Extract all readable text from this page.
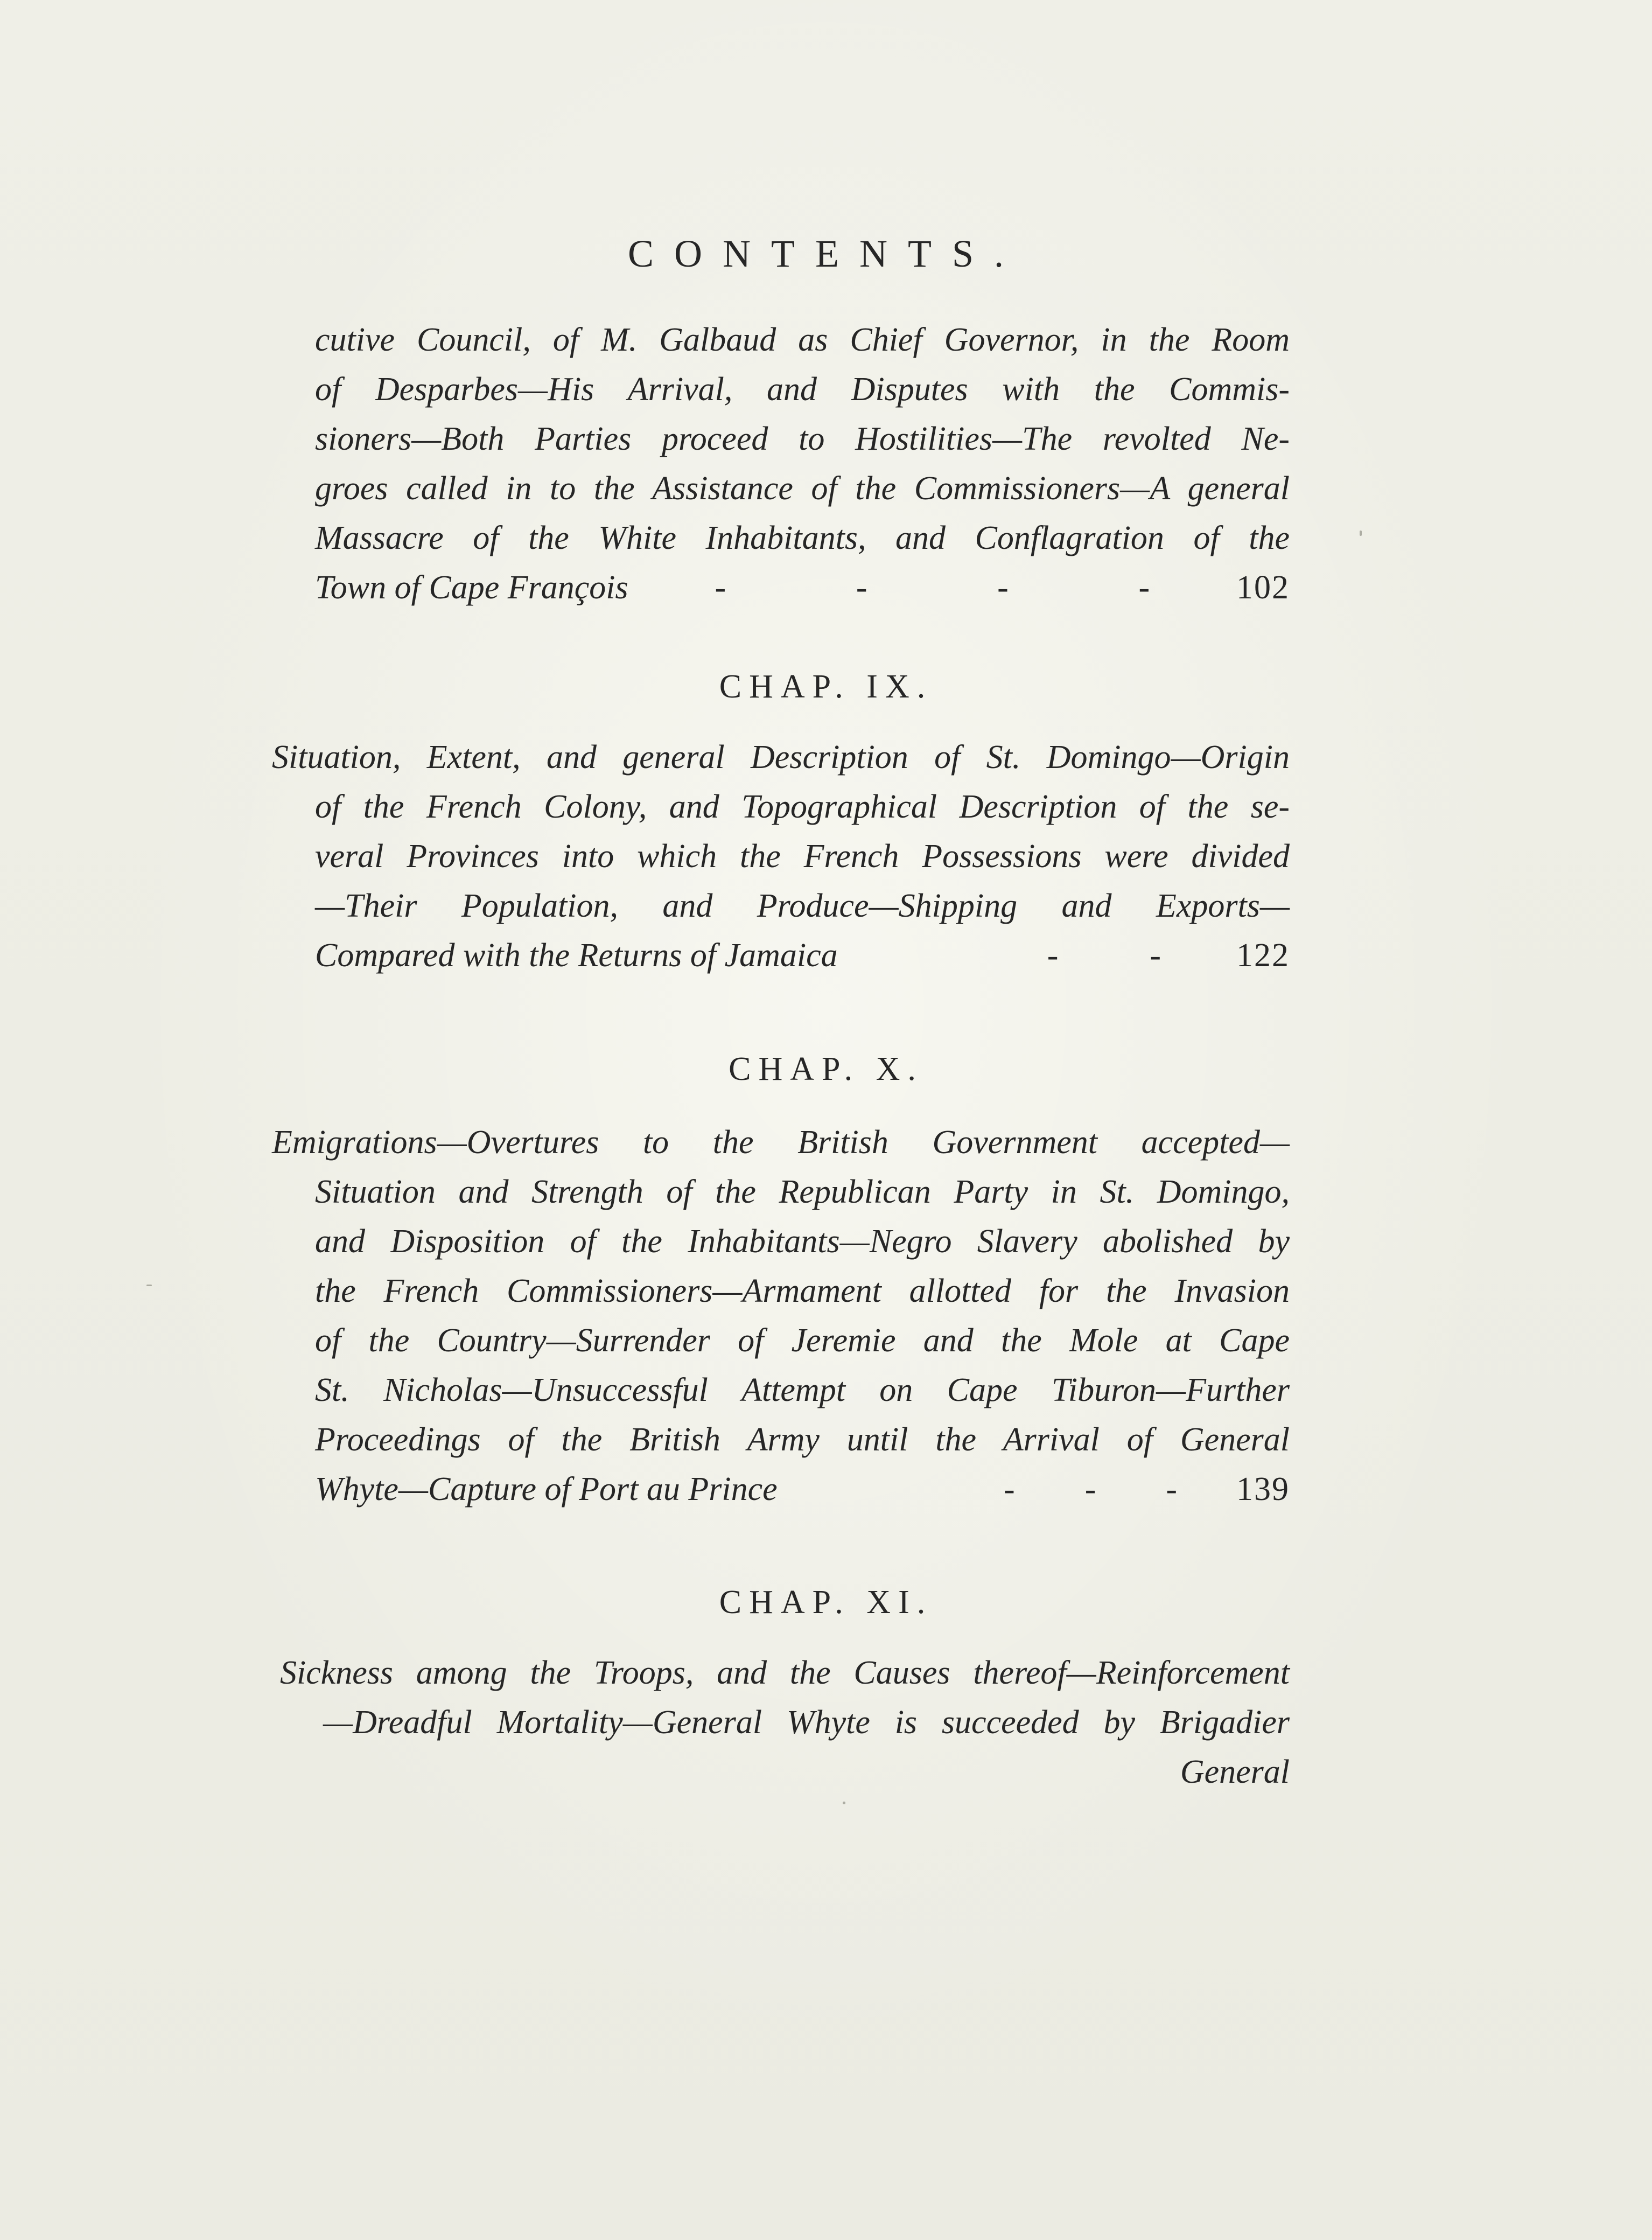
CONTENTS.
cutive Council, of M. Galbaud as Chief Governor, in the Room
of Desparbes—His Arrival, and Disputes with the Commis-
sioners—Both Parties proceed to Hostilities—The revolted Ne-
groes called in to the Assistance of the Commissioners—A general
Massacre of the White Inhabitants, and Conflagration of the
Town of Cape François	-	-	-	-	102
CHAP. IX.
Situation, Extent, and general Description of St. Domingo—Origin
of the French Colony, and Topographical Description of the se-
veral Provinces into which the French Possessions were divided
—Their Population, and Produce—Shipping and Exports—
Compared with the Returns of Jamaica	-	- 122
CHAP. X.
Emigrations—Overtures to the British Government accepted—
Situation and Strength of the Republican Party in St. Domingo,
and Disposition of the Inhabitants—Negro Slavery abolished by
the French Commissioners—Armament allotted for the Invasion
of the Country—Surrender of Jeremie and the Mole at Cape
St. Nicholas—Unsuccessful Attempt on Cape Tiburon—Further
Proceedings of the British Army until the Arrival of General
Whyte—Capture of Port au Prince	- - - 139
CHAP. XI.
Sickness among the Troops, and the Causes thereof—Reinforcement
—Dreadful Mortality—General Whyte is succeeded by Brigadier
General
